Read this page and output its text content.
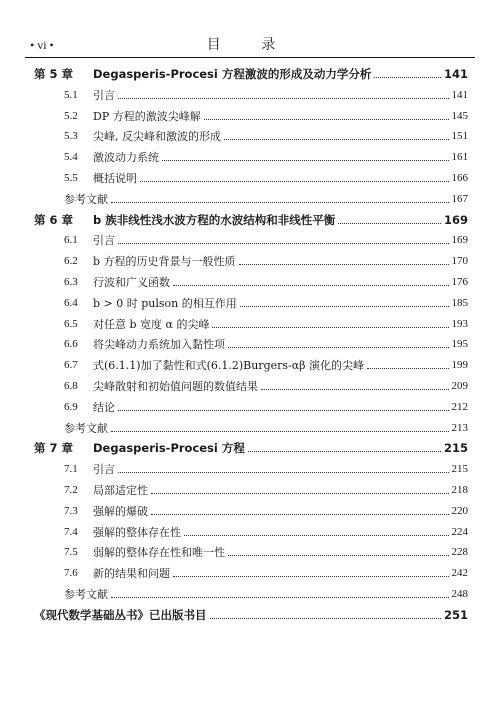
• vi •	目 录
第 5 章 Degasperis-Procesi 方程激波的形成及动力学分析	141
5.1 引言	141
5.2 DP 方程的激波尖峰解	145
5.3 尖峰, 反尖峰和激波的形成	151
5.4 激波动力系统	161
5.5 概括说明	166
参考文献	167
第 6 章 b 族非线性浅水波方程的水波结构和非线性平衡	169
6.1 引言	169
6.2 b 方程的历史背景与一般性质	170
6.3 行波和广义函数	176
6.4 b > 0 时 pulson 的相互作用	185
6.5 对任意 b 宽度 α 的尖峰	193
6.6 将尖峰动力系统加入黏性项	195
6.7 式(6.1.1)加了黏性和式(6.1.2)Burgers-αβ 演化的尖峰	199
6.8 尖峰散射和初始值问题的数值结果	209
6.9 结论	212
参考文献	213
第 7 章 Degasperis-Procesi 方程	215
7.1 引言	215
7.2 局部适定性	218
7.3 强解的爆破	220
7.4 强解的整体存在性	224
7.5 弱解的整体存在性和唯一性	228
7.6 新的结果和问题	242
参考文献	248
《现代数学基础丛书》已出版书目	251
